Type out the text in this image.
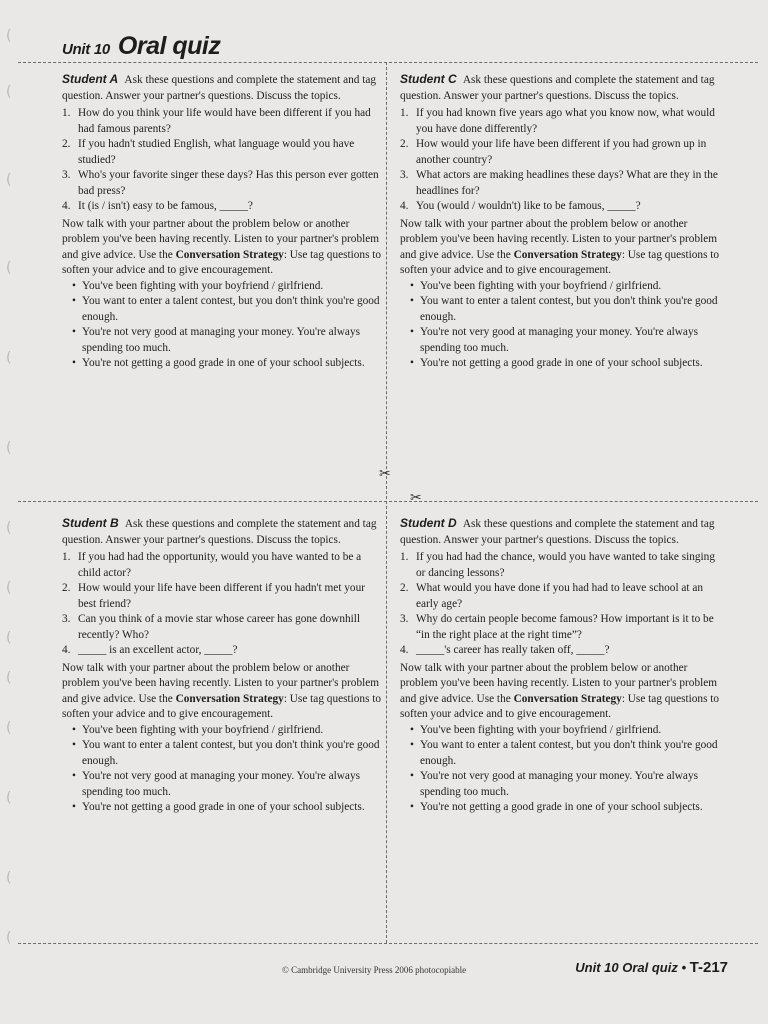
(
(
(
(
(
(
(
(
(
(
(
(
(
(
Unit 10 Oral quiz
✂
✂

Student A Ask these questions and complete the statement and tag question. Answer your partner's questions. Discuss the topics.

1. How do you think your life would have been different if you had had famous parents?
2. If you hadn't studied English, what language would you have studied?
3. Who's your favorite singer these days? Has this person ever gotten bad press?
4. It (is / isn't) easy to be famous, _____?

Now talk with your partner about the problem below or another problem you've been having recently. Listen to your partner's problem and give advice. Use the Conversation Strategy: Use tag questions to soften your advice and to give encouragement.

• You've been fighting with your boyfriend / girlfriend.
• You want to enter a talent contest, but you don't think you're good enough.
• You're not very good at managing your money. You're always spending too much.
• You're not getting a good grade in one of your school subjects.

Student C Ask these questions and complete the statement and tag question. Answer your partner's questions. Discuss the topics.

1. If you had known five years ago what you know now, what would you have done differently?
2. How would your life have been different if you had grown up in another country?
3. What actors are making headlines these days? What are they in the headlines for?
4. You (would / wouldn't) like to be famous, _____?

Now talk with your partner about the problem below or another problem you've been having recently. Listen to your partner's problem and give advice. Use the Conversation Strategy: Use tag questions to soften your advice and to give encouragement.

• You've been fighting with your boyfriend / girlfriend.
• You want to enter a talent contest, but you don't think you're good enough.
• You're not very good at managing your money. You're always spending too much.
• You're not getting a good grade in one of your school subjects.

Student B Ask these questions and complete the statement and tag question. Answer your partner's questions. Discuss the topics.

1. If you had had the opportunity, would you have wanted to be a child actor?
2. How would your life have been different if you hadn't met your best friend?
3. Can you think of a movie star whose career has gone downhill recently? Who?
4. _____ is an excellent actor, _____?

Now talk with your partner about the problem below or another problem you've been having recently. Listen to your partner's problem and give advice. Use the Conversation Strategy: Use tag questions to soften your advice and to give encouragement.

• You've been fighting with your boyfriend / girlfriend.
• You want to enter a talent contest, but you don't think you're good enough.
• You're not very good at managing your money. You're always spending too much.
• You're not getting a good grade in one of your school subjects.

Student D Ask these questions and complete the statement and tag question. Answer your partner's questions. Discuss the topics.

1. If you had had the chance, would you have wanted to take singing or dancing lessons?
2. What would you have done if you had had to leave school at an early age?
3. Why do certain people become famous? How important is it to be “in the right place at the right time”?
4. _____'s career has really taken off, _____?

Now talk with your partner about the problem below or another problem you've been having recently. Listen to your partner's problem and give advice. Use the Conversation Strategy: Use tag questions to soften your advice and to give encouragement.

• You've been fighting with your boyfriend / girlfriend.
• You want to enter a talent contest, but you don't think you're good enough.
• You're not very good at managing your money. You're always spending too much.
• You're not getting a good grade in one of your school subjects.
© Cambridge University Press 2006 photocopiable	Unit 10 Oral quiz • T-217
